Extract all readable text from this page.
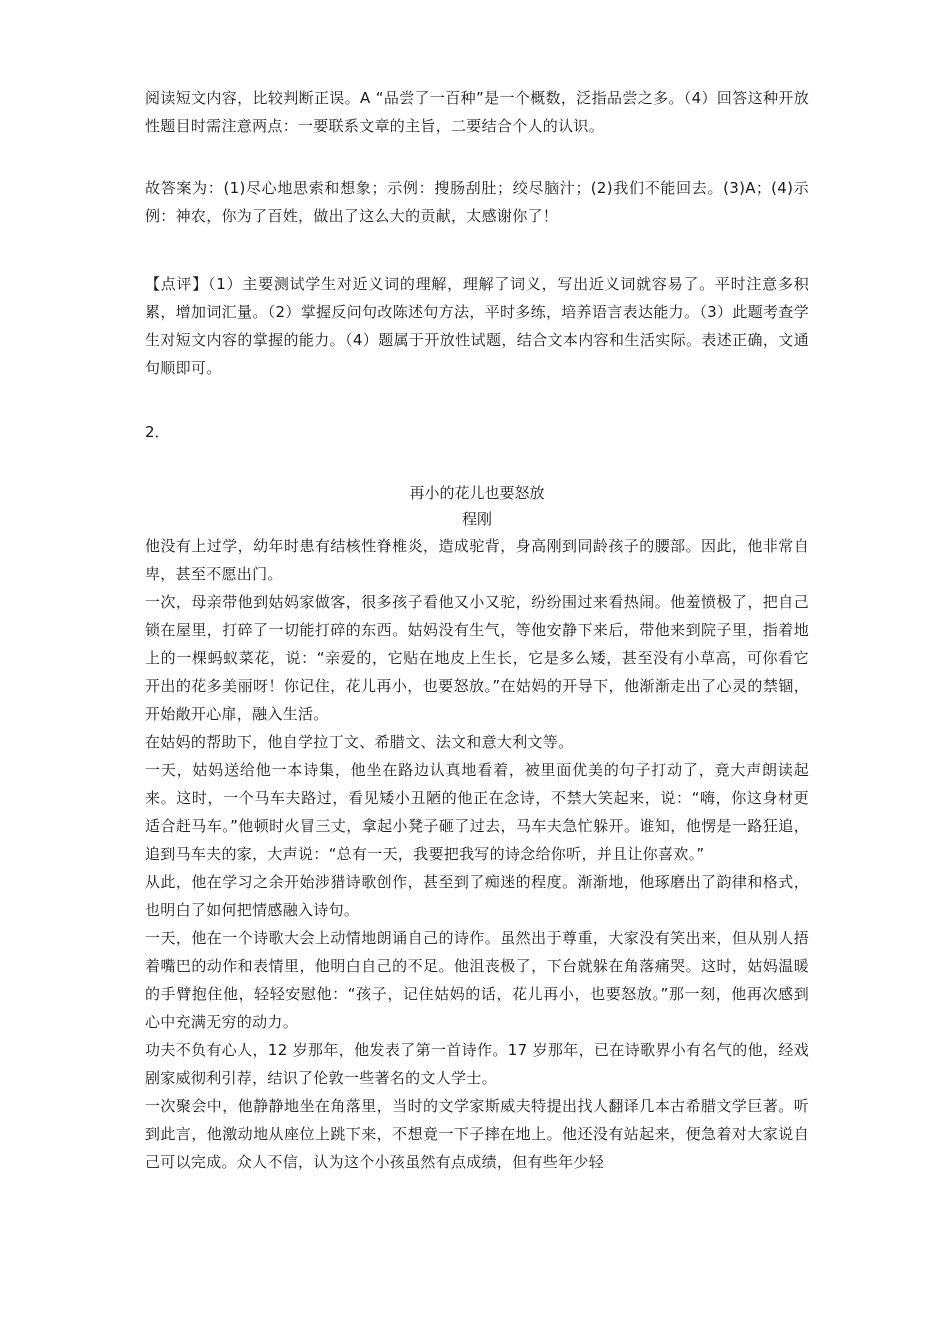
阅读短文内容，比较判断正误。A “品尝了一百种”是一个概数，泛指品尝之多。（4）回答这种开放性题目时需注意两点：一要联系文章的主旨，二要结合个人的认识。

故答案为：(1)尽心地思索和想象；示例：搜肠刮肚；绞尽脑汁；(2)我们不能回去。(3)A；(4)示例：神农，你为了百姓，做出了这么大的贡献，太感谢你了！

【点评】（1）主要测试学生对近义词的理解，理解了词义，写出近义词就容易了。平时注意多积累，增加词汇量。（2）掌握反问句改陈述句方法，平时多练，培养语言表达能力。（3）此题考查学生对短文内容的掌握的能力。（4）题属于开放性试题，结合文本内容和生活实际。表述正确，文通句顺即可。

2．

再小的花儿也要怒放

程刚

他没有上过学，幼年时患有结核性脊椎炎，造成驼背，身高刚到同龄孩子的腰部。因此，他非常自卑，甚至不愿出门。

一次，母亲带他到姑妈家做客，很多孩子看他又小又驼，纷纷围过来看热闹。他羞愤极了，把自己锁在屋里，打碎了一切能打碎的东西。姑妈没有生气，等他安静下来后，带他来到院子里，指着地上的一棵蚂蚁菜花，说：“亲爱的，它贴在地皮上生长，它是多么矮，甚至没有小草高，可你看它开出的花多美丽呀！你记住，花儿再小，也要怒放。”在姑妈的开导下，他渐渐走出了心灵的禁锢，开始敞开心扉，融入生活。

在姑妈的帮助下，他自学拉丁文、希腊文、法文和意大利文等。

一天，姑妈送给他一本诗集，他坐在路边认真地看着，被里面优美的句子打动了，竟大声朗读起来。这时，一个马车夫路过，看见矮小丑陋的他正在念诗，不禁大笑起来，说：“嗨，你这身材更适合赶马车。”他顿时火冒三丈，拿起小凳子砸了过去，马车夫急忙躲开。谁知，他愣是一路狂追，追到马车夫的家，大声说：“总有一天，我要把我写的诗念给你听，并且让你喜欢。”

从此，他在学习之余开始涉猎诗歌创作，甚至到了痴迷的程度。渐渐地，他琢磨出了韵律和格式，也明白了如何把情感融入诗句。

一天，他在一个诗歌大会上动情地朗诵自己的诗作。虽然出于尊重，大家没有笑出来，但从别人捂着嘴巴的动作和表情里，他明白自己的不足。他沮丧极了，下台就躲在角落痛哭。这时，姑妈温暖的手臂抱住他，轻轻安慰他：“孩子，记住姑妈的话，花儿再小，也要怒放。”那一刻，他再次感到心中充满无穷的动力。

功夫不负有心人，12 岁那年，他发表了第一首诗作。17 岁那年，已在诗歌界小有名气的他，经戏剧家威彻利引荐，结识了伦敦一些著名的文人学士。

一次聚会中，他静静地坐在角落里，当时的文学家斯威夫特提出找人翻译几本古希腊文学巨著。听到此言，他激动地从座位上跳下来，不想竟一下子摔在地上。他还没有站起来，便急着对大家说自己可以完成。众人不信，认为这个小孩虽然有点成绩，但有些年少轻
